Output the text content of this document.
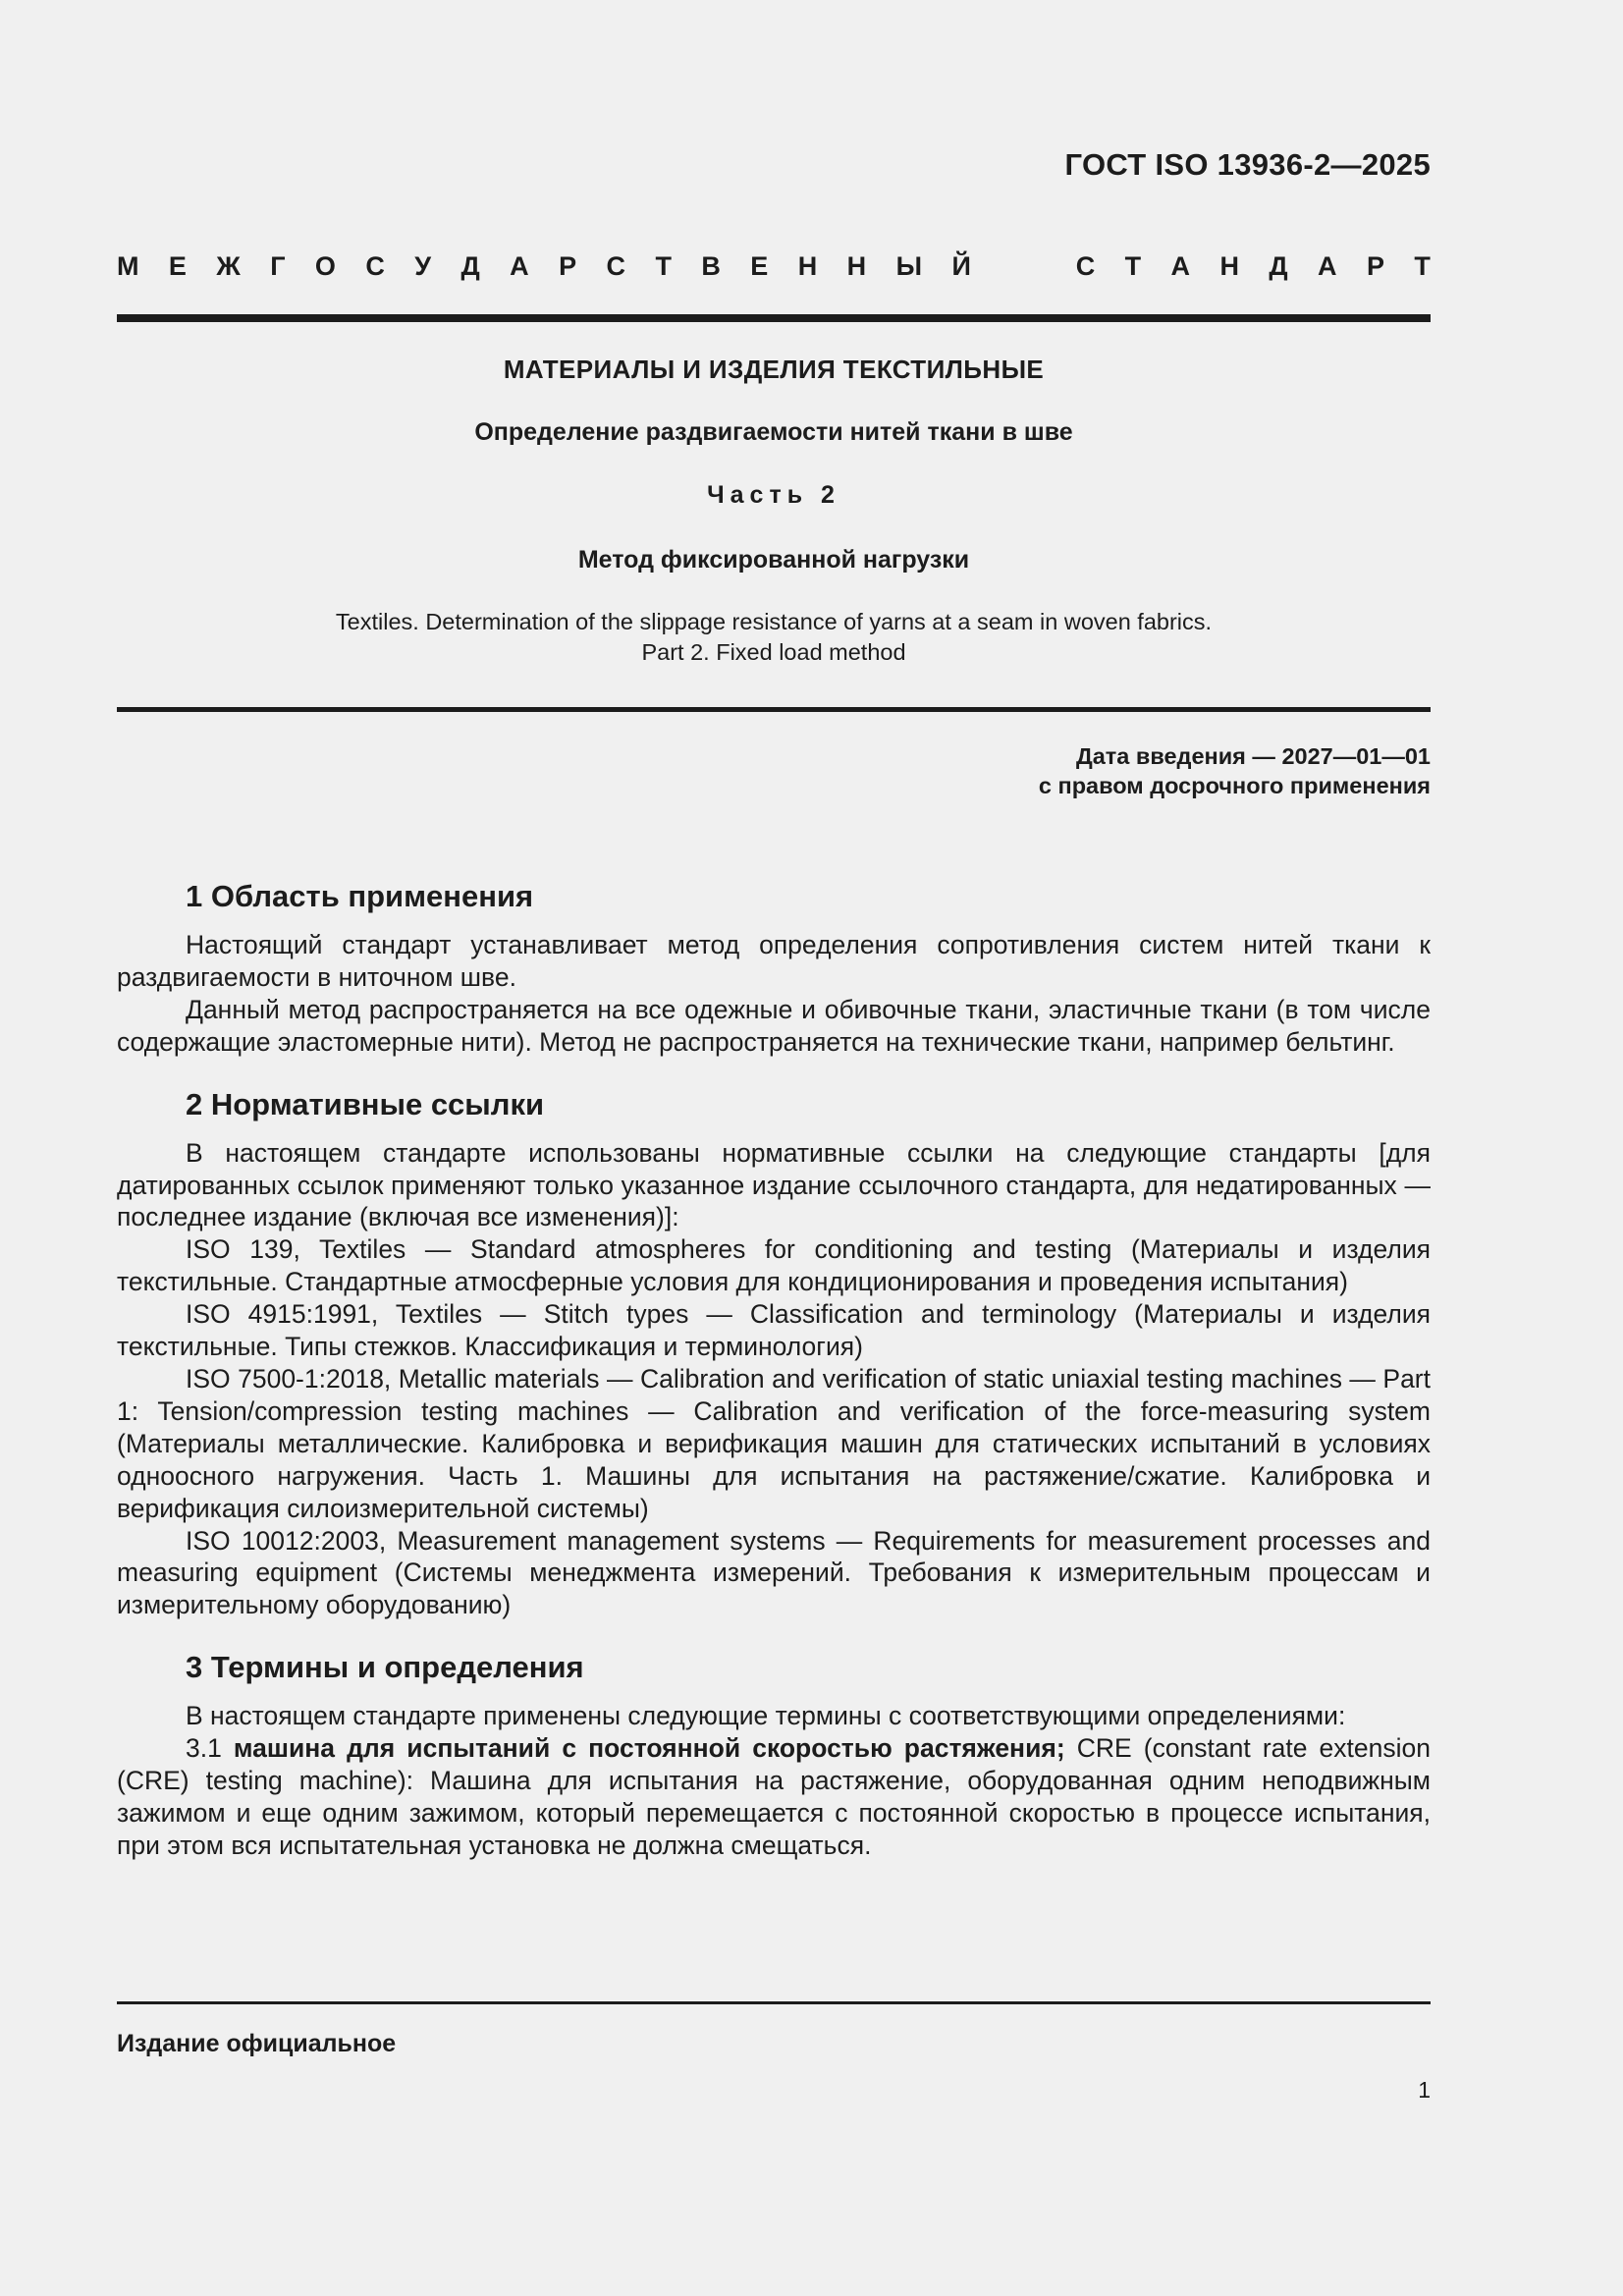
ГОСТ ISO 13936-2—2025
М Е Ж Г О С У Д А Р С Т В Е Н Н Ы Й	С Т А Н Д А Р Т
МАТЕРИАЛЫ И ИЗДЕЛИЯ ТЕКСТИЛЬНЫЕ
Определение раздвигаемости нитей ткани в шве
Часть 2
Метод фиксированной нагрузки
Textiles. Determination of the slippage resistance of yarns at a seam in woven fabrics.
Part 2. Fixed load method
Дата введения — 2027—01—01
с правом досрочного применения
1 Область применения

Настоящий стандарт устанавливает метод определения сопротивления систем нитей ткани к раздвигаемости в ниточном шве.

Данный метод распространяется на все одежные и обивочные ткани, эластичные ткани (в том числе содержащие эластомерные нити). Метод не распространяется на технические ткани, например бельтинг.

2 Нормативные ссылки

В настоящем стандарте использованы нормативные ссылки на следующие стандарты [для датированных ссылок применяют только указанное издание ссылочного стандарта, для недатированных — последнее издание (включая все изменения)]:

ISO 139, Textiles — Standard atmospheres for conditioning and testing (Материалы и изделия текстильные. Стандартные атмосферные условия для кондиционирования и проведения испытания)

ISO 4915:1991, Textiles — Stitch types — Classification and terminology (Материалы и изделия текстильные. Типы стежков. Классификация и терминология)

ISO 7500-1:2018, Metallic materials — Calibration and verification of static uniaxial testing machines — Part 1: Tension/compression testing machines — Calibration and verification of the force-measuring system (Материалы металлические. Калибровка и верификация машин для статических испытаний в условиях одноосного нагружения. Часть 1. Машины для испытания на растяжение/сжатие. Калибровка и верификация силоизмерительной системы)

ISO 10012:2003, Measurement management systems — Requirements for measurement processes and measuring equipment (Системы менеджмента измерений. Требования к измерительным процессам и измерительному оборудованию)

3 Термины и определения

В настоящем стандарте применены следующие термины с соответствующими определениями:

3.1 машина для испытаний с постоянной скоростью растяжения; CRE (constant rate extension (CRE) testing machine): Машина для испытания на растяжение, оборудованная одним неподвижным зажимом и еще одним зажимом, который перемещается с постоянной скоростью в процессе испытания, при этом вся испытательная установка не должна смещаться.

Издание официальное
1
